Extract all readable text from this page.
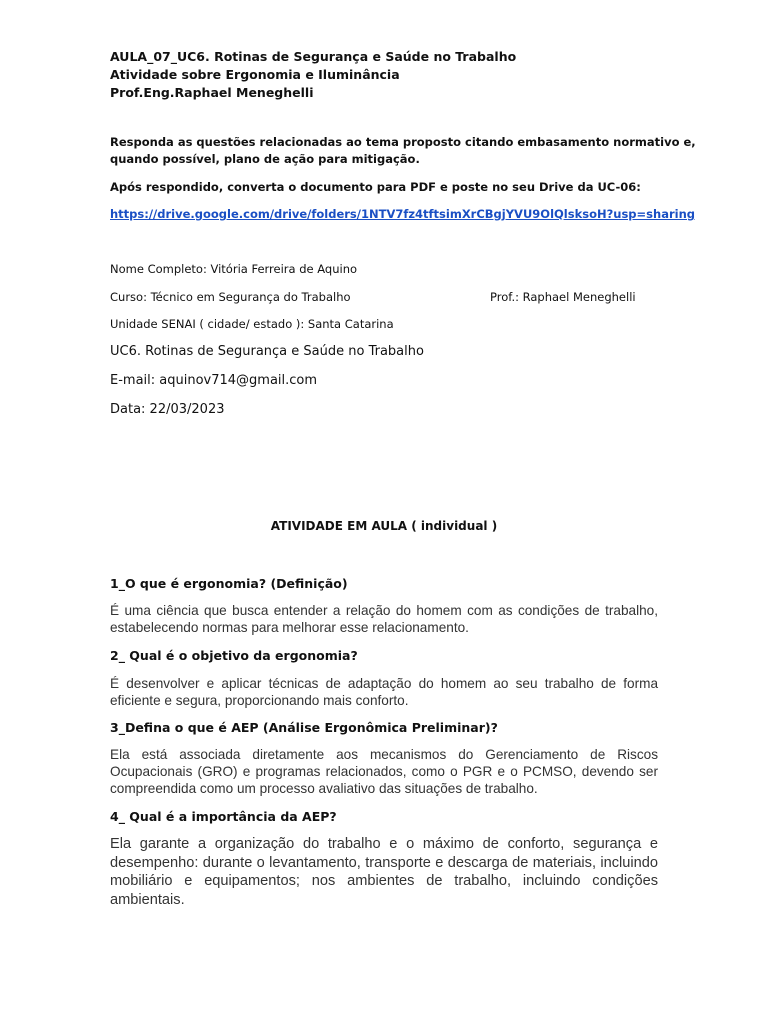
AULA_07_UC6. Rotinas de Segurança e Saúde no Trabalho
Atividade sobre Ergonomia e Iluminância
Prof.Eng.Raphael Meneghelli
Responda as questões relacionadas ao tema proposto citando embasamento normativo e,
quando possível, plano de ação para mitigação.
Após respondido, converta o documento para PDF e poste no seu Drive da UC-06:
https://drive.google.com/drive/folders/1NTV7fz4tftsimXrCBgjYVU9OlQlsksoH?usp=sharing
Nome Completo: Vitória Ferreira de Aquino
Curso: Técnico em Segurança do Trabalho	Prof.: Raphael Meneghelli
Unidade SENAI ( cidade/ estado ): Santa Catarina
UC6. Rotinas de Segurança e Saúde no Trabalho
E-mail: aquinov714@gmail.com
Data: 22/03/2023
ATIVIDADE EM AULA ( individual )
1_O que é ergonomia? (Definição)
É uma ciência que busca entender a relação do homem com as condições de trabalho, estabelecendo normas para melhorar esse relacionamento.
2_ Qual é o objetivo da ergonomia?
É desenvolver e aplicar técnicas de adaptação do homem ao seu trabalho de forma eficiente e segura, proporcionando mais conforto.
3_Defina o que é AEP (Análise Ergonômica Preliminar)?
Ela está associada diretamente aos mecanismos do Gerenciamento de Riscos Ocupacionais (GRO) e programas relacionados, como o PGR e o PCMSO, devendo ser compreendida como um processo avaliativo das situações de trabalho.
4_ Qual é a importância da AEP?
Ela garante a organização do trabalho e o máximo de conforto, segurança e desempenho: durante o levantamento, transporte e descarga de materiais, incluindo mobiliário e equipamentos; nos ambientes de trabalho, incluindo condições ambientais.
